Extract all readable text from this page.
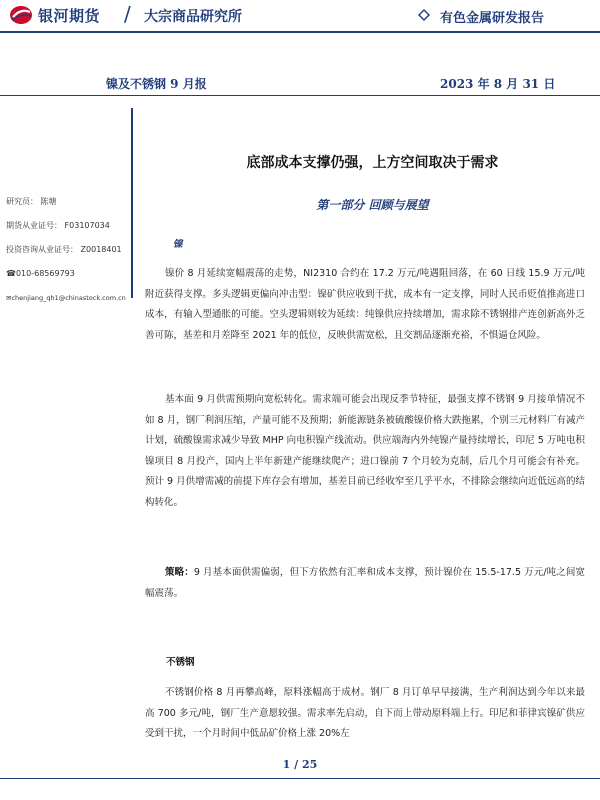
银河期货 / 大宗商品研究所	有色金属研发报告
镍及不锈钢 9 月报	2023 年 8 月 31 日
研究员： 陈塘
期货从业证号： F03107034
投资咨询从业证号： Z0018401
☎010-68569793
✉chenjiang_qh1@chinastock.com.cn
底部成本支撑仍强，上方空间取决于需求
第一部分 回顾与展望
镍
镍价 8 月延续宽幅震荡的走势，NI2310 合约在 17.2 万元/吨遇阻回落，在 60 日线 15.9 万元/吨附近获得支撑。多头逻辑更偏向冲击型：镍矿供应收到干扰，成本有一定支撑，同时人民币贬值推高进口成本，有输入型通胀的可能。空头逻辑则较为延续：纯镍供应持续增加，需求除不锈钢排产连创新高外乏善可陈，基差和月差降至 2021 年的低位，反映供需宽松，且交割品逐渐充裕，不惧逼仓风险。
基本面 9 月供需预期向宽松转化。需求端可能会出现反季节特征，最强支撑不锈钢 9 月接单情况不如 8 月，钢厂利润压缩，产量可能不及预期；新能源链条被硫酸镍价格大跌拖累，个别三元材料厂有减产计划，硫酸镍需求减少导致 MHP 向电积镍产线流动。供应端海内外纯镍产量持续增长，印尼 5 万吨电积镍项目 8 月投产，国内上半年新建产能继续爬产；进口镍前 7 个月较为克制，后几个月可能会有补充。预计 9 月供增需减的前提下库存会有增加，基差目前已经收窄至几乎平水，不排除会继续向近低远高的结构转化。
策略：9 月基本面供需偏弱，但下方依然有汇率和成本支撑，预计镍价在 15.5-17.5 万元/吨之间宽幅震荡。
不锈钢
不锈钢价格 8 月再攀高峰，原料涨幅高于成材。钢厂 8 月订单早早接满，生产利润达到今年以来最高 700 多元/吨，钢厂生产意愿较强。需求率先启动，自下而上带动原料端上行。印尼和菲律宾镍矿供应受到干扰，一个月时间中低品矿价格上涨 20%左
1 / 25
